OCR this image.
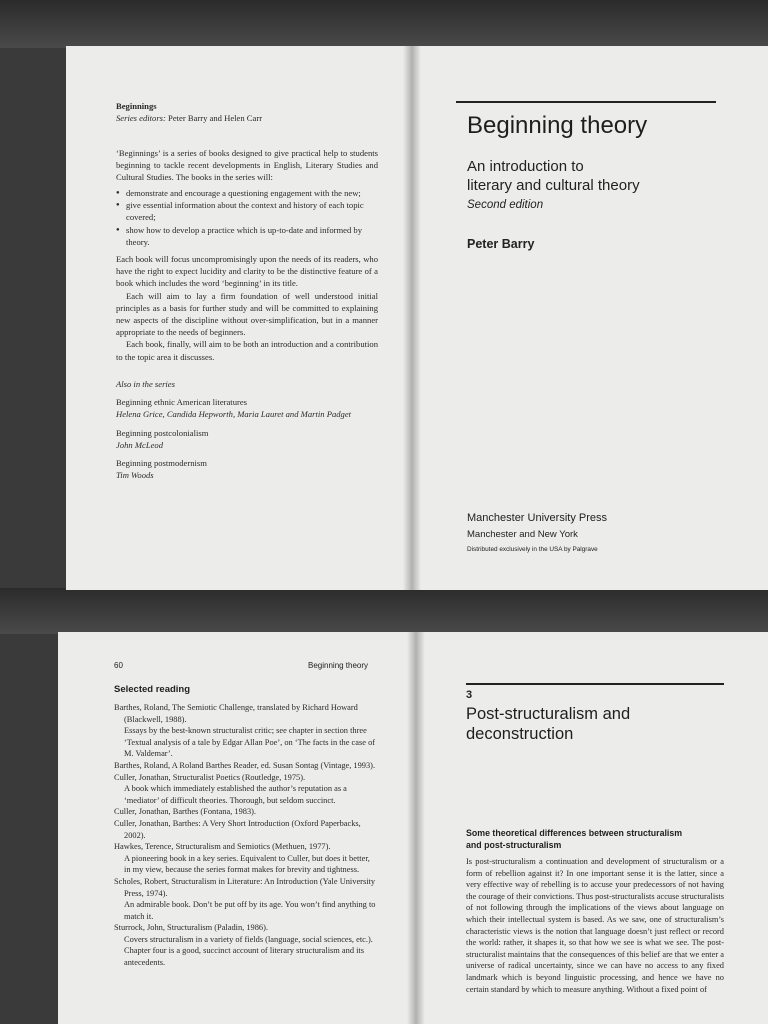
Beginnings
Series editors: Peter Barry and Helen Carr
‘Beginnings’ is a series of books designed to give practical help to students beginning to tackle recent developments in English, Literary Studies and Cultural Studies. The books in the series will:
● demonstrate and encourage a questioning engagement with the new;
● give essential information about the context and history of each topic covered;
● show how to develop a practice which is up-to-date and informed by theory.

Each book will focus uncompromisingly upon the needs of its readers, who have the right to expect lucidity and clarity to be the distinctive feature of a book which includes the word ‘beginning’ in its title.

Each will aim to lay a firm foundation of well understood initial principles as a basis for further study and will be committed to explaining new aspects of the discipline without over-simplification, but in a manner appropriate to the needs of beginners.

Each book, finally, will aim to be both an introduction and a contribution to the topic area it discusses.

Also in the series
Beginning ethnic American literatures
Helena Grice, Candida Hepworth, Maria Lauret and Martin Padget
Beginning postcolonialism
John McLeod
Beginning postmodernism
Tim Woods
Beginning theory
An introduction to
literary and cultural theory
Second edition
Peter Barry
Manchester University Press
Manchester and New York
Distributed exclusively in the USA by Palgrave
60	Beginning theory
Selected reading

Barthes, Roland, The Semiotic Challenge, translated by Richard Howard (Blackwell, 1988).

Essays by the best-known structuralist critic; see chapter in section three ‘Textual analysis of a tale by Edgar Allan Poe’, on ‘The facts in the case of M. Valdemar’.

Barthes, Roland, A Roland Barthes Reader, ed. Susan Sontag (Vintage, 1993).

Culler, Jonathan, Structuralist Poetics (Routledge, 1975).

A book which immediately established the author’s reputation as a ‘mediator’ of difficult theories. Thorough, but seldom succinct.

Culler, Jonathan, Barthes (Fontana, 1983).

Culler, Jonathan, Barthes: A Very Short Introduction (Oxford Paperbacks, 2002).

Hawkes, Terence, Structuralism and Semiotics (Methuen, 1977).

A pioneering book in a key series. Equivalent to Culler, but does it better, in my view, because the series format makes for brevity and tightness.

Scholes, Robert, Structuralism in Literature: An Introduction (Yale University Press, 1974).

An admirable book. Don’t be put off by its age. You won’t find anything to match it.

Sturrock, John, Structuralism (Paladin, 1986).

Covers structuralism in a variety of fields (language, social sciences, etc.). Chapter four is a good, succinct account of literary structuralism and its antecedents.

3
Post-structuralism and
deconstruction
Some theoretical differences between structuralism
and post-structuralism
Is post-structuralism a continuation and development of structuralism or a form of rebellion against it? In one important sense it is the latter, since a very effective way of rebelling is to accuse your predecessors of not having the courage of their convictions. Thus post-structuralists accuse structuralists of not following through the implications of the views about language on which their intellectual system is based. As we saw, one of structuralism’s characteristic views is the notion that language doesn’t just reflect or record the world: rather, it shapes it, so that how we see is what we see. The post-structuralist maintains that the consequences of this belief are that we enter a universe of radical uncertainty, since we can have no access to any fixed landmark which is beyond linguistic processing, and hence we have no certain standard by which to measure anything. Without a fixed point of
